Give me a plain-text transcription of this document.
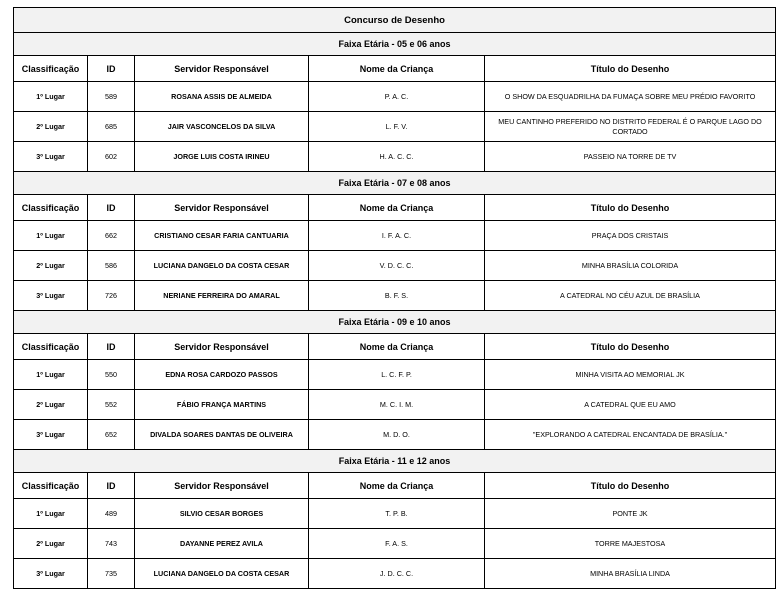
Concurso de Desenho				
Faixa Etária - 05 e 06 anos				
Classificação	ID	Servidor Responsável	Nome da Criança	Título do Desenho
1º Lugar	589	ROSANA ASSIS DE ALMEIDA	P. A. C.	O SHOW DA ESQUADRILHA DA FUMAÇA SOBRE MEU PRÉDIO FAVORITO
2º Lugar	685	JAIR VASCONCELOS DA SILVA	L. F. V.	MEU CANTINHO PREFERIDO NO DISTRITO FEDERAL É O PARQUE LAGO DO CORTADO
3º Lugar	602	JORGE LUIS COSTA IRINEU	H. A. C. C.	PASSEIO NA TORRE DE TV
Faixa Etária - 07 e 08 anos				
Classificação	ID	Servidor Responsável	Nome da Criança	Título do Desenho
1º Lugar	662	CRISTIANO CESAR FARIA CANTUARIA	I. F. A. C.	PRAÇA DOS CRISTAIS
2º Lugar	586	LUCIANA DANGELO DA COSTA CESAR	V. D. C. C.	MINHA BRASÍLIA COLORIDA
3º Lugar	726	NERIANE FERREIRA DO AMARAL	B. F. S.	A CATEDRAL NO CÉU AZUL DE BRASÍLIA
Faixa Etária - 09 e 10 anos				
Classificação	ID	Servidor Responsável	Nome da Criança	Título do Desenho
1º Lugar	550	EDNA ROSA CARDOZO PASSOS	L. C. F. P.	MINHA VISITA AO MEMORIAL JK
2º Lugar	552	FÁBIO FRANÇA MARTINS	M. C. I. M.	A CATEDRAL QUE EU AMO
3º Lugar	652	DIVALDA SOARES DANTAS DE OLIVEIRA	M. D. O.	"EXPLORANDO A CATEDRAL ENCANTADA DE BRASÍLIA."
Faixa Etária - 11 e 12 anos				
Classificação	ID	Servidor Responsável	Nome da Criança	Título do Desenho
1º Lugar	489	SILVIO CESAR BORGES	T. P. B.	PONTE JK
2º Lugar	743	DAYANNE PEREZ AVILA	F. A. S.	TORRE MAJESTOSA
3º Lugar	735	LUCIANA DANGELO DA COSTA CESAR	J. D. C. C.	MINHA BRASÍLIA LINDA
